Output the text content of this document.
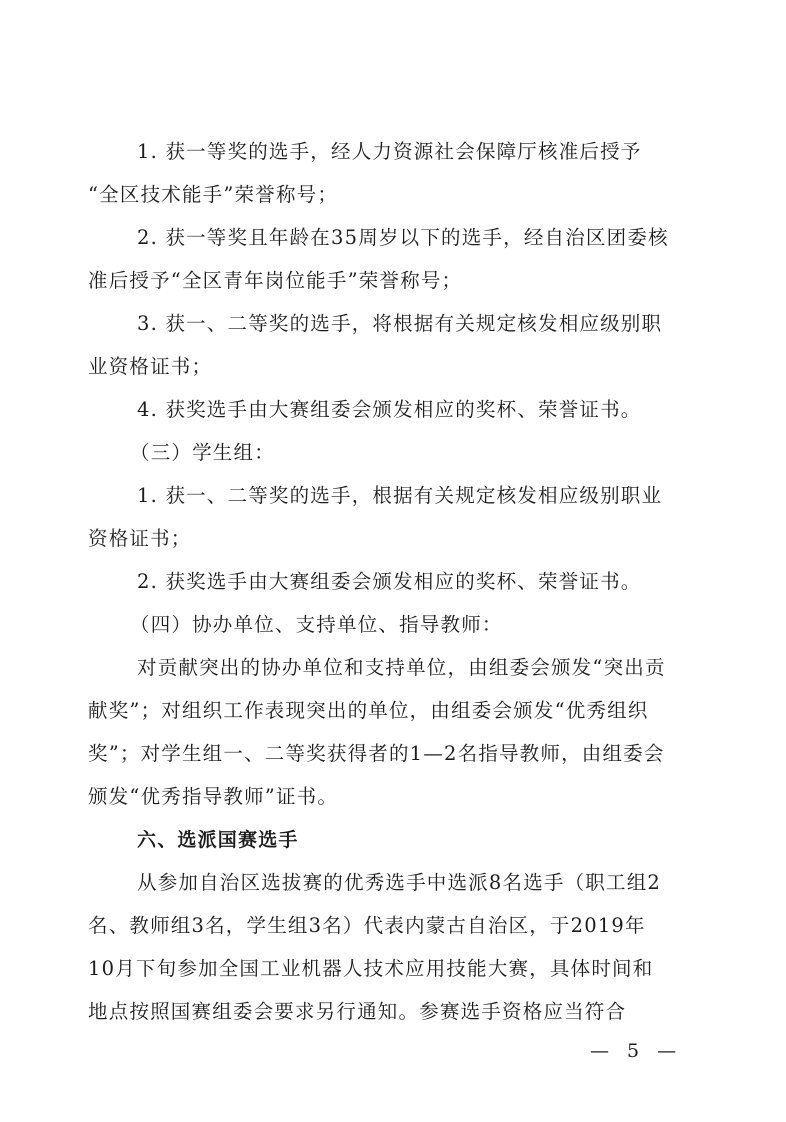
1. 获一等奖的选手，经人力资源社会保障厅核准后授予
“全区技术能手”荣誉称号；
2. 获一等奖且年龄在35周岁以下的选手，经自治区团委核
准后授予“全区青年岗位能手”荣誉称号；
3. 获一、二等奖的选手，将根据有关规定核发相应级别职
业资格证书；
4. 获奖选手由大赛组委会颁发相应的奖杯、荣誉证书。
（三）学生组：
1. 获一、二等奖的选手，根据有关规定核发相应级别职业
资格证书；
2. 获奖选手由大赛组委会颁发相应的奖杯、荣誉证书。
（四）协办单位、支持单位、指导教师：
对贡献突出的协办单位和支持单位，由组委会颁发“突出贡
献奖”；对组织工作表现突出的单位，由组委会颁发“优秀组织
奖”；对学生组一、二等奖获得者的1—2名指导教师，由组委会
颁发“优秀指导教师”证书。
六、选派国赛选手
从参加自治区选拔赛的优秀选手中选派8名选手（职工组2
名、教师组3名，学生组3名）代表内蒙古自治区，于2019年
10月下旬参加全国工业机器人技术应用技能大赛，具体时间和
地点按照国赛组委会要求另行通知。参赛选手资格应当符合
— 5 —
